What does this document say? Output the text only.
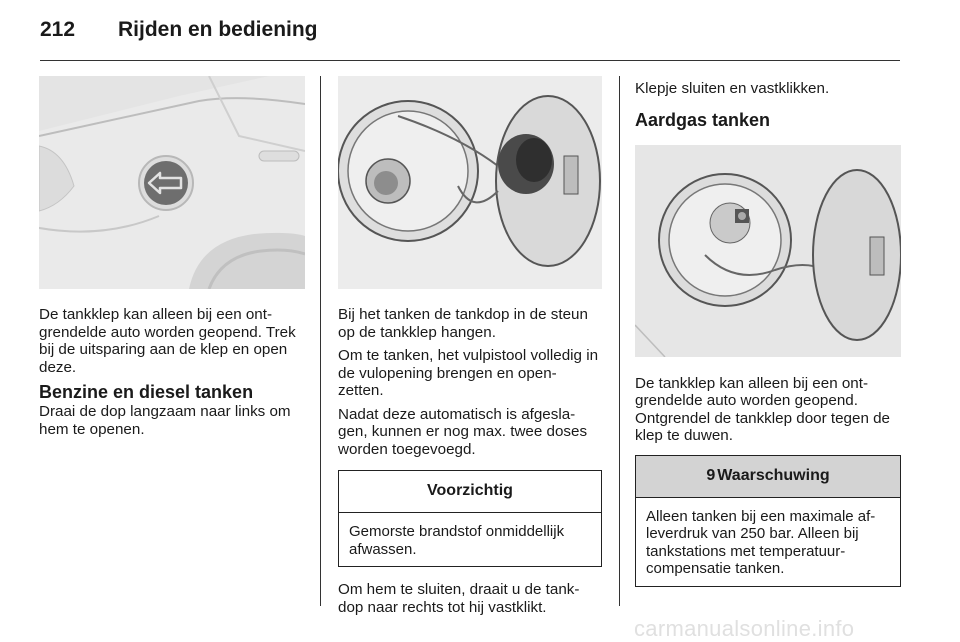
212 Rijden en bediening

De tankklep kan alleen bij een ont-grendelde auto worden geopend. Trek bij de uitsparing aan de klep en open deze.

Benzine en diesel tanken

Draai de dop langzaam naar links om hem te openen.

Bij het tanken de tankdop in de steun op de tankklep hangen.

Om te tanken, het vulpistool volledig in de vulopening brengen en open-zetten.

Nadat deze automatisch is afgesla-gen, kunnen er nog max. twee doses worden toegevoegd.

Voorzichtig
Gemorste brandstof onmiddellijk afwassen.

Om hem te sluiten, draait u de tank-dop naar rechts tot hij vastklikt.

Klepje sluiten en vastklikken.

Aardgas tanken

De tankklep kan alleen bij een ont-grendelde auto worden geopend. Ontgrendel de tankklep door tegen de klep te duwen.

9 Waarschuwing
Alleen tanken bij een maximale af-leverdruk van 250 bar. Alleen bij tankstations met temperatuur-compensatie tanken.
carmanualsonline.info
